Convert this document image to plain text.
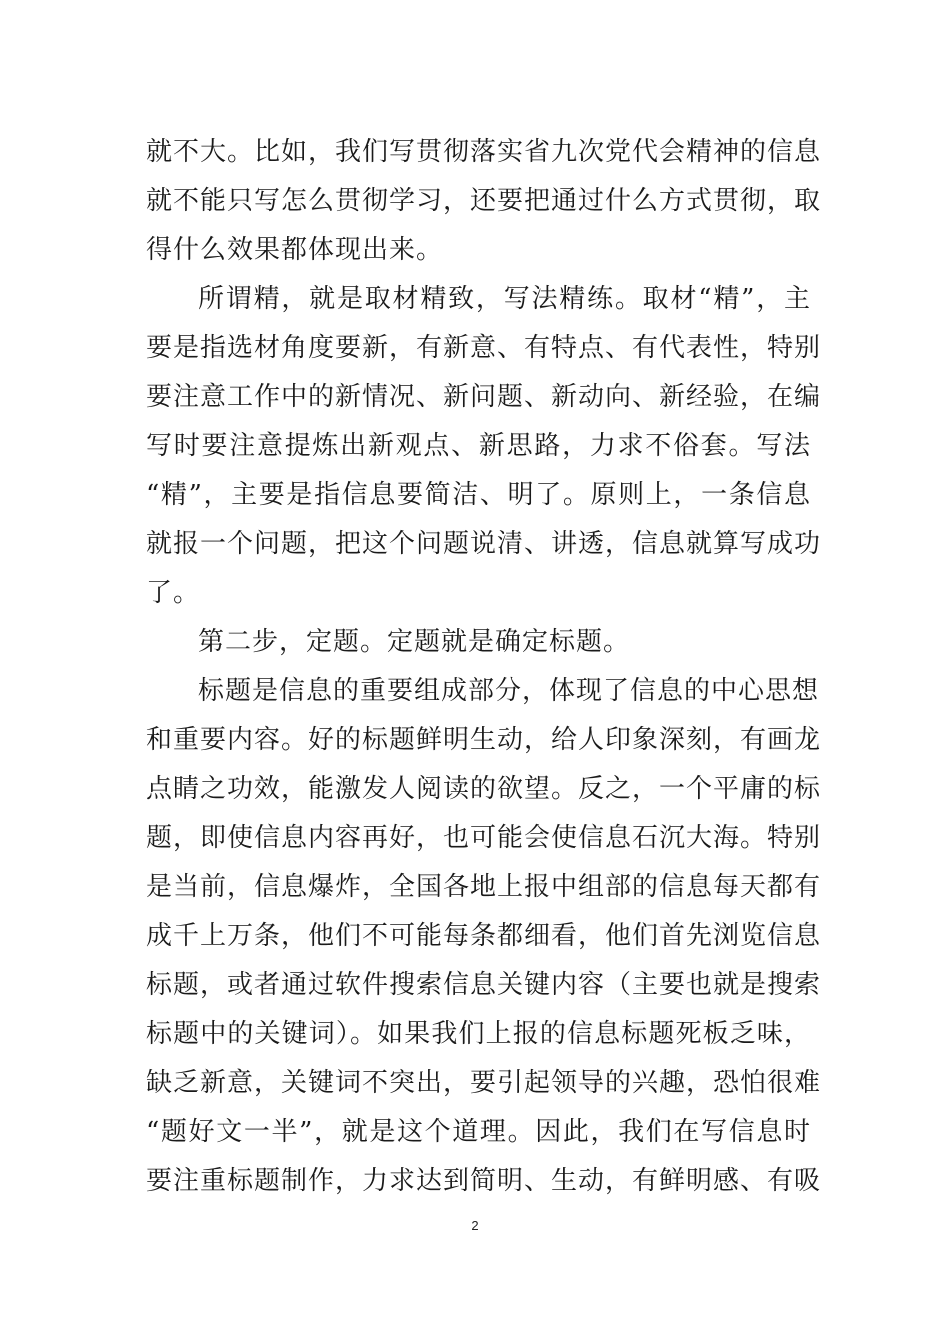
就不大。比如，我们写贯彻落实省九次党代会精神的信息
就不能只写怎么贯彻学习，还要把通过什么方式贯彻，取
得什么效果都体现出来。
所谓精，就是取材精致，写法精练。取材“精”，主
要是指选材角度要新，有新意、有特点、有代表性，特别
要注意工作中的新情况、新问题、新动向、新经验，在编
写时要注意提炼出新观点、新思路，力求不俗套。写法
“精”，主要是指信息要简洁、明了。原则上，一条信息
就报一个问题，把这个问题说清、讲透，信息就算写成功
了。
第二步，定题。定题就是确定标题。
标题是信息的重要组成部分，体现了信息的中心思想
和重要内容。好的标题鲜明生动，给人印象深刻，有画龙
点睛之功效，能激发人阅读的欲望。反之，一个平庸的标
题，即使信息内容再好，也可能会使信息石沉大海。特别
是当前，信息爆炸，全国各地上报中组部的信息每天都有
成千上万条，他们不可能每条都细看，他们首先浏览信息
标题，或者通过软件搜索信息关键内容（主要也就是搜索
标题中的关键词）。如果我们上报的信息标题死板乏味，
缺乏新意，关键词不突出，要引起领导的兴趣，恐怕很难
“题好文一半”，就是这个道理。因此，我们在写信息时
要注重标题制作，力求达到简明、生动，有鲜明感、有吸
2
